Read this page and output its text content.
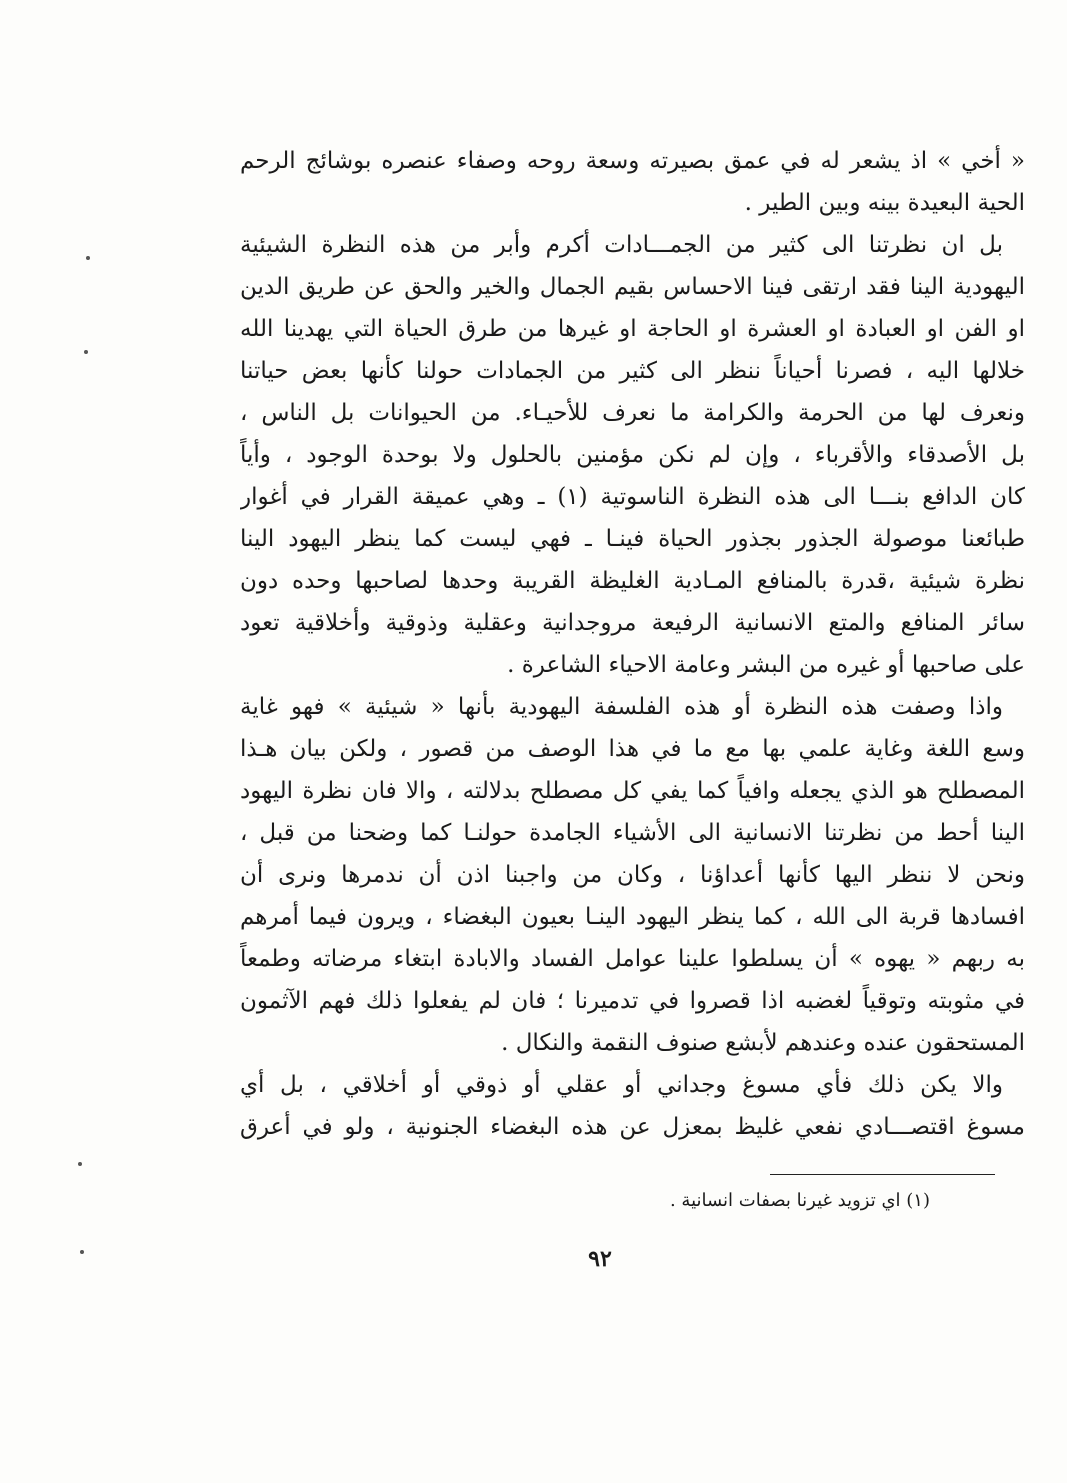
« أخي » اذ يشعر له في عمق بصيرته وسعة روحه وصفاء عنصره بوشائج الرحم
الحية البعيدة بينه وبين الطير .
بل ان نظرتنا الى كثير من الجمـــادات أكرم وأبر من هذه النظرة الشيئية
اليهودية الينا فقد ارتقى فينا الاحساس بقيم الجمال والخير والحق عن طريق الدين
او الفن او العبادة او العشرة او الحاجة او غيرها من طرق الحياة التي يهدينا الله
خلالها اليه ، فصرنا أحياناً ننظر الى كثير من الجمادات حولنا كأنها بعض حياتنا
ونعرف لها من الحرمة والكرامة ما نعرف للأحيـاء. من الحيوانات بل الناس ،
بل الأصدقاء والأقرباء ، وإن لم نكن مؤمنين بالحلول ولا بوحدة الوجود ، وأياً
كان الدافع بنـــا الى هذه النظرة الناسوتية (١) ـ وهي عميقة القرار في أغوار
طبائعنا موصولة الجذور بجذور الحياة فينـا ـ فهي ليست كما ينظر اليهود الينا
نظرة شيئية ،قدرة بالمنافع المـادية الغليظة القريبة وحدها لصاحبها وحده دون
سائر المنافع والمتع الانسانية الرفيعة مروجدانية وعقلية وذوقية وأخلاقية تعود
على صاحبها أو غيره من البشر وعامة الاحياء الشاعرة .
واذا وصفت هذه النظرة أو هذه الفلسفة اليهودية بأنها « شيئية » فهو غاية
وسع اللغة وغاية علمي بها مع ما في هذا الوصف من قصور ، ولكن بيان هـذا
المصطلح هو الذي يجعله وافياً كما يفي كل مصطلح بدلالته ، والا فان نظرة اليهود
الينا أحط من نظرتنا الانسانية الى الأشياء الجامدة حولنـا كما وضحنا من قبل ،
ونحن لا ننظر اليها كأنها أعداؤنا ، وكان من واجبنا اذن أن ندمرها ونرى أن
افسادها قربة الى الله ، كما ينظر اليهود الينـا بعيون البغضاء ، ويرون فيما أمرهم
به ربهم « يهوه » أن يسلطوا علينا عوامل الفساد والابادة ابتغاء مرضاته وطمعاً
في مثوبته وتوقياً لغضبه اذا قصروا في تدميرنا ؛ فان لم يفعلوا ذلك فهم الآثمون
المستحقون عنده وعندهم لأبشع صنوف النقمة والنكال .
والا يكن ذلك فأي مسوغ وجداني أو عقلي أو ذوقي أو أخلاقي ، بل أي
مسوغ اقتصـــادي نفعي غليظ بمعزل عن هذه البغضاء الجنونية ، ولو في أعرق
(١) اي تزويد غيرنا بصفات انسانية .
٩٢
